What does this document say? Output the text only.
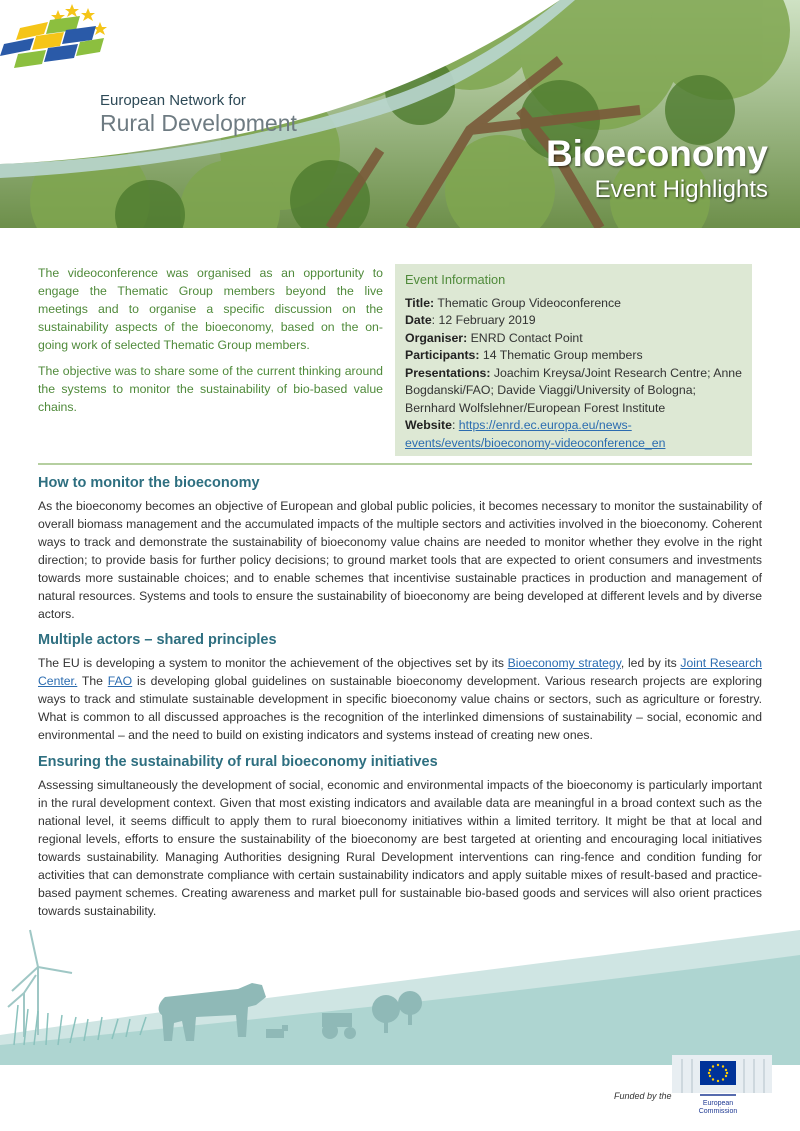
European Network for
Rural Development
Bioeconomy
Event Highlights

The videoconference was organised as an opportunity to engage the Thematic Group members beyond the live meetings and to organise a specific discussion on the sustainability aspects of the bioeconomy, based on the on-going work of selected Thematic Group members.

The objective was to share some of the current thinking around the systems to monitor the sustainability of bio-based value chains.

Event Information
Title: Thematic Group Videoconference
Date: 12 February 2019
Organiser: ENRD Contact Point
Participants: 14 Thematic Group members
Presentations: Joachim Kreysa/Joint Research Centre; Anne Bogdanski/FAO; Davide Viaggi/University of Bologna; Bernhard Wolfslehner/European Forest Institute
Website: https://enrd.ec.europa.eu/news-events/events/bioeconomy-videoconference_en
How to monitor the bioeconomy

As the bioeconomy becomes an objective of European and global public policies, it becomes necessary to monitor the sustainability of overall biomass management and the accumulated impacts of the multiple sectors and activities involved in the bioeconomy. Coherent ways to track and demonstrate the sustainability of bioeconomy value chains are needed to monitor whether they evolve in the right direction; to provide basis for further policy decisions; to ground market tools that are expected to orient consumers and investments towards more sustainable choices; and to enable schemes that incentivise sustainable practices in production and management of natural resources. Systems and tools to ensure the sustainability of bioeconomy are being developed at different levels and by diverse actors.

Multiple actors – shared principles

The EU is developing a system to monitor the achievement of the objectives set by its Bioeconomy strategy, led by its Joint Research Center. The FAO is developing global guidelines on sustainable bioeconomy development. Various research projects are exploring ways to track and stimulate sustainable development in specific bioeconomy value chains or sectors, such as agriculture or forestry. What is common to all discussed approaches is the recognition of the interlinked dimensions of sustainability – social, economic and environmental – and the need to build on existing indicators and systems instead of creating new ones.

Ensuring the sustainability of rural bioeconomy initiatives

Assessing simultaneously the development of social, economic and environmental impacts of the bioeconomy is particularly important in the rural development context. Given that most existing indicators and available data are meaningful in a broad context such as the national level, it seems difficult to apply them to rural bioeconomy initiatives within a limited territory. It might be that at local and regional levels, efforts to ensure the sustainability of the bioeconomy are best targeted at orienting and encouraging local initiatives towards sustainability. Managing Authorities designing Rural Development interventions can ring-fence and condition funding for activities that can demonstrate compliance with certain sustainability indicators and apply suitable mixes of result-based and practice-based payment schemes. Creating awareness and market pull for sustainable bio-based goods and services will also orient practices towards sustainability.

Funded by the
European
Commission
